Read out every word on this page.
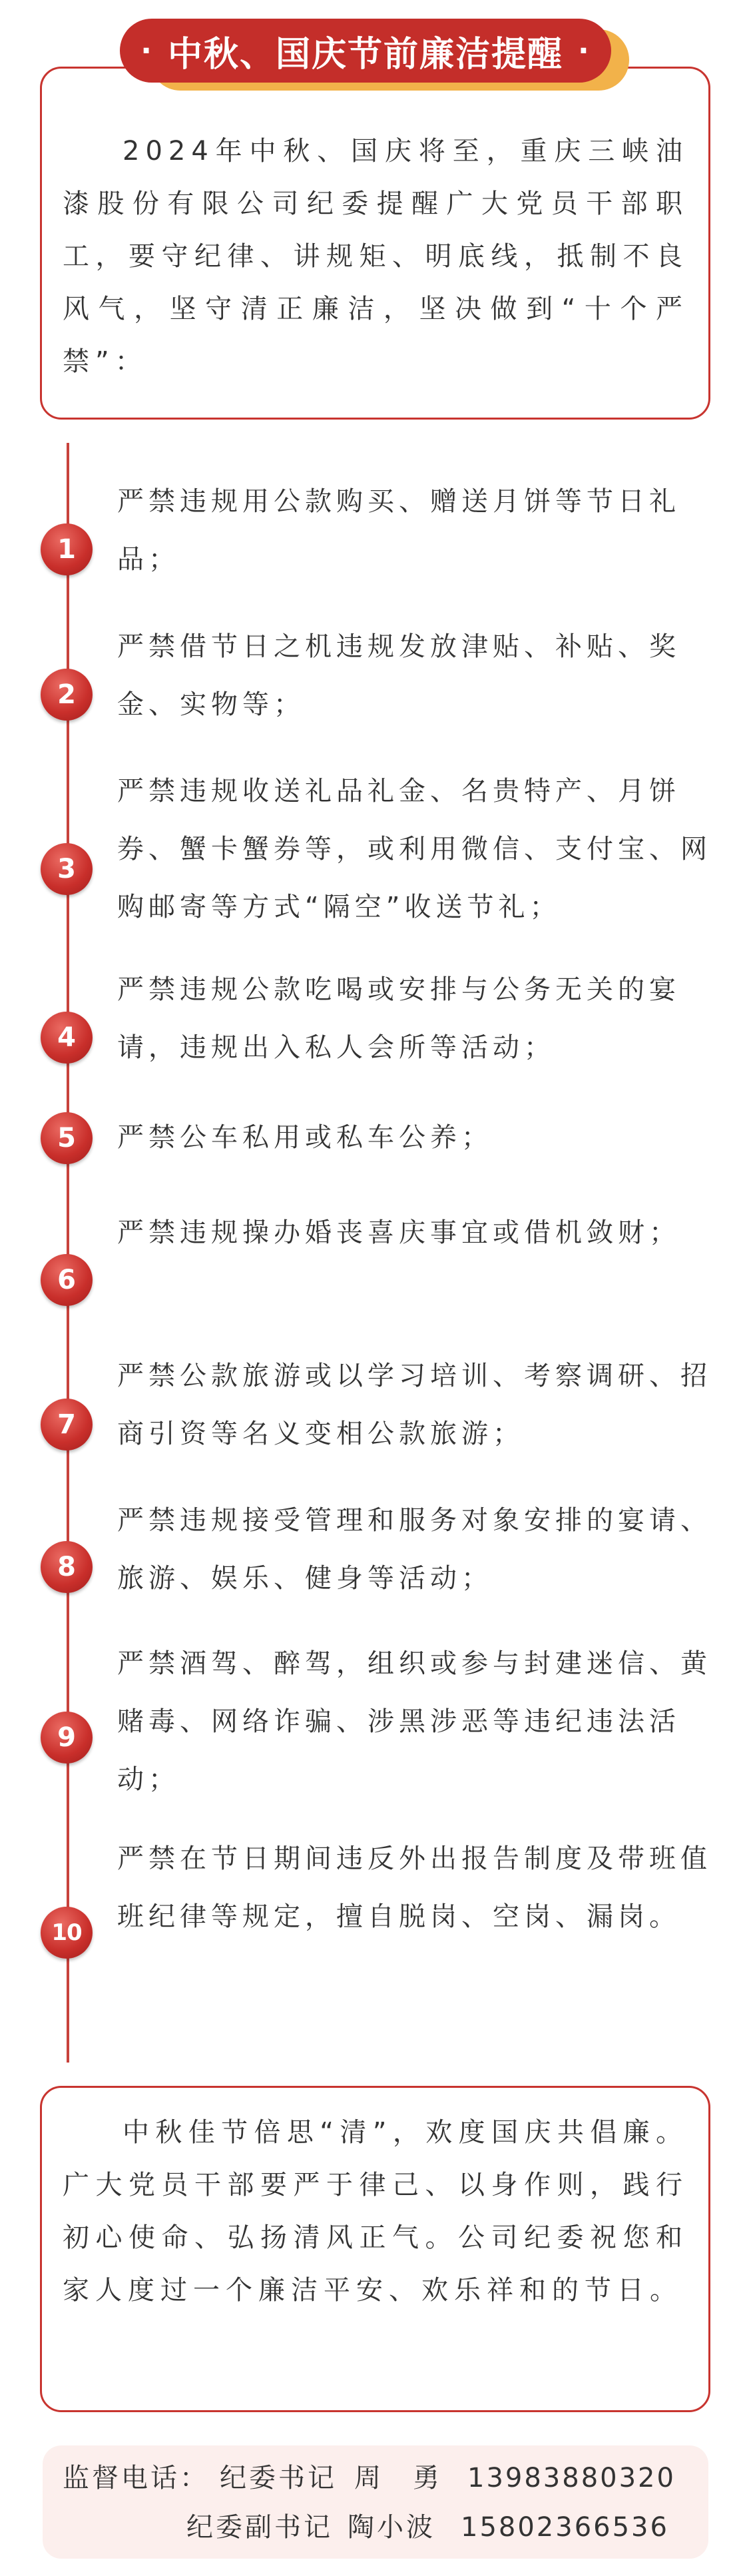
2024年中秋、国庆将至，重庆三峡油漆股份有限公司纪委提醒广大党员干部职工，要守纪律、讲规矩、明底线，抵制不良风气，坚守清正廉洁，坚决做到“十个严禁”：

· 中秋、国庆节前廉洁提醒 ·
1

严禁违规用公款购买、赠送月饼等节日礼品；

2

严禁借节日之机违规发放津贴、补贴、奖金、实物等；

3

严禁违规收送礼品礼金、名贵特产、月饼券、蟹卡蟹券等，或利用微信、支付宝、网购邮寄等方式“隔空”收送节礼；

4

严禁违规公款吃喝或安排与公务无关的宴请，违规出入私人会所等活动；

5	严禁公车私用或私车公养；

6

严禁违规操办婚丧喜庆事宜或借机敛财；

7

严禁公款旅游或以学习培训、考察调研、招商引资等名义变相公款旅游；

8

严禁违规接受管理和服务对象安排的宴请、旅游、娱乐、健身等活动；

9

严禁酒驾、醉驾，组织或参与封建迷信、黄赌毒、网络诈骗、涉黑涉恶等违纪违法活动；

10

严禁在节日期间违反外出报告制度及带班值班纪律等规定，擅自脱岗、空岗、漏岗。

中秋佳节倍思“清”，欢度国庆共倡廉。广大党员干部要严于律己、以身作则，践行初心使命、弘扬清风正气。公司纪委祝您和家人度过一个廉洁平安、欢乐祥和的节日。

监督电话： 纪委书记 周　勇 13983880320
纪委副书记 陶小波 15802366536
